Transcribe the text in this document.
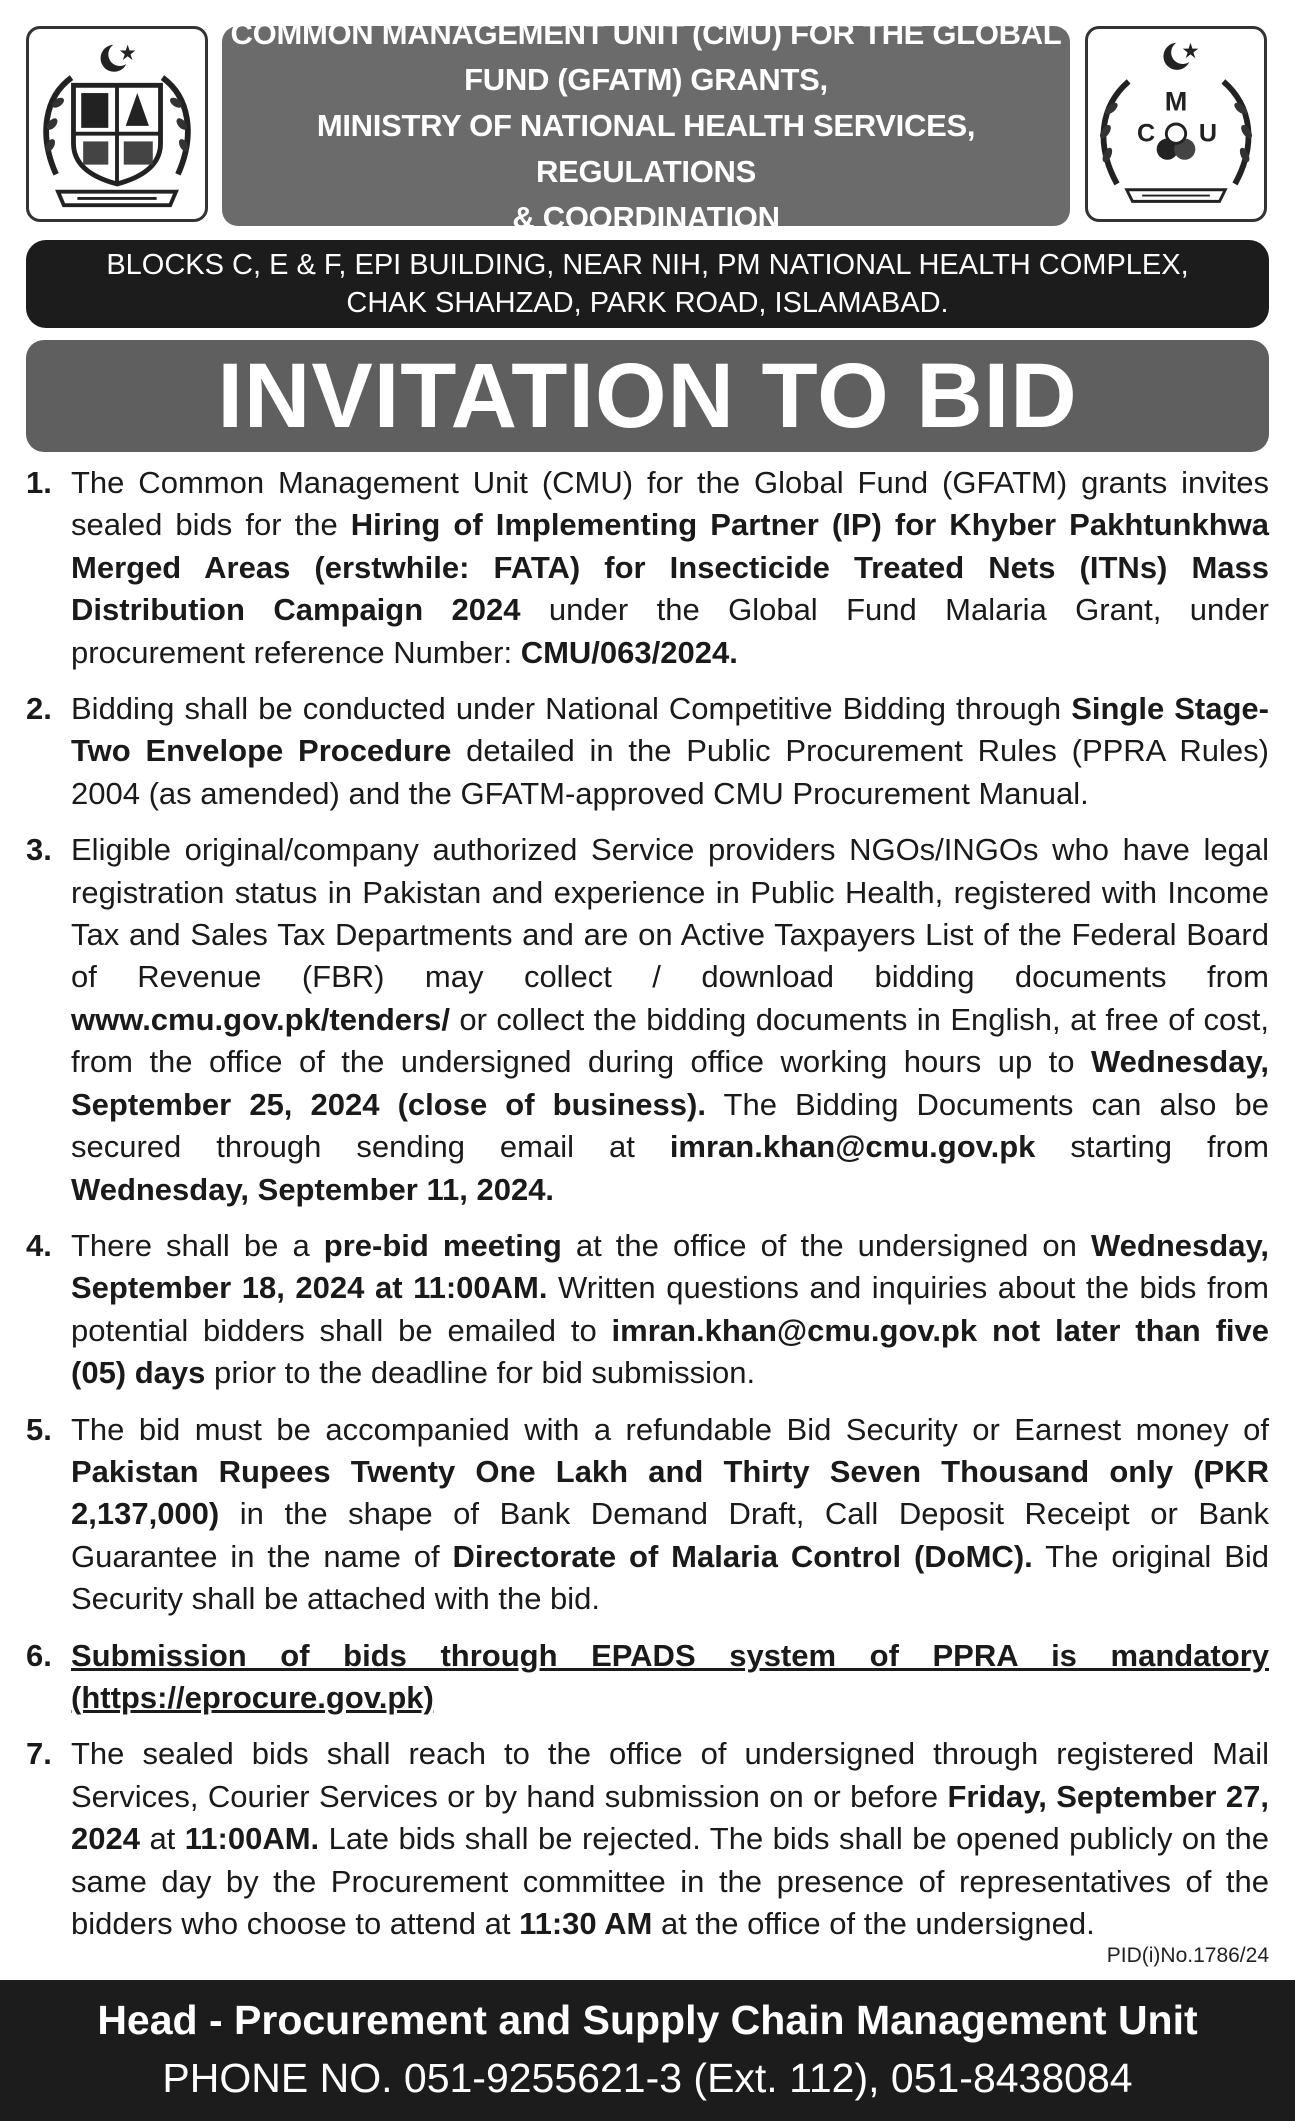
COMMON MANAGEMENT UNIT (CMU) FOR THE GLOBAL
FUND (GFATM) GRANTS,
MINISTRY OF NATIONAL HEALTH SERVICES, REGULATIONS
& COORDINATION
M
C U
BLOCKS C, E & F, EPI BUILDING, NEAR NIH, PM NATIONAL HEALTH COMPLEX,
CHAK SHAHZAD, PARK ROAD, ISLAMABAD.
INVITATION TO BID
1. The Common Management Unit (CMU) for the Global Fund (GFATM) grants invites sealed bids for the Hiring of Implementing Partner (IP) for Khyber Pakhtunkhwa Merged Areas (erstwhile: FATA) for Insecticide Treated Nets (ITNs) Mass Distribution Campaign 2024 under the Global Fund Malaria Grant, under procurement reference Number: CMU/063/2024.
2. Bidding shall be conducted under National Competitive Bidding through Single Stage-Two Envelope Procedure detailed in the Public Procurement Rules (PPRA Rules) 2004 (as amended) and the GFATM-approved CMU Procurement Manual.
3. Eligible original/company authorized Service providers NGOs/INGOs who have legal registration status in Pakistan and experience in Public Health, registered with Income Tax and Sales Tax Departments and are on Active Taxpayers List of the Federal Board of Revenue (FBR) may collect / download bidding documents from www.cmu.gov.pk/tenders/ or collect the bidding documents in English, at free of cost, from the office of the undersigned during office working hours up to Wednesday, September 25, 2024 (close of business). The Bidding Documents can also be secured through sending email at imran.khan@cmu.gov.pk starting from Wednesday, September 11, 2024.
4. There shall be a pre-bid meeting at the office of the undersigned on Wednesday, September 18, 2024 at 11:00AM. Written questions and inquiries about the bids from potential bidders shall be emailed to imran.khan@cmu.gov.pk not later than five (05) days prior to the deadline for bid submission.
5. The bid must be accompanied with a refundable Bid Security or Earnest money of Pakistan Rupees Twenty One Lakh and Thirty Seven Thousand only (PKR 2,137,000) in the shape of Bank Demand Draft, Call Deposit Receipt or Bank Guarantee in the name of Directorate of Malaria Control (DoMC). The original Bid Security shall be attached with the bid.
6. Submission of bids through EPADS system of PPRA is mandatory (https://eprocure.gov.pk)
7. The sealed bids shall reach to the office of undersigned through registered Mail Services, Courier Services or by hand submission on or before Friday, September 27, 2024 at 11:00AM. Late bids shall be rejected. The bids shall be opened publicly on the same day by the Procurement committee in the presence of representatives of the bidders who choose to attend at 11:30 AM at the office of the undersigned.
PID(i)No.1786/24
Head - Procurement and Supply Chain Management Unit
PHONE NO. 051-9255621-3 (Ext. 112), 051-8438084
